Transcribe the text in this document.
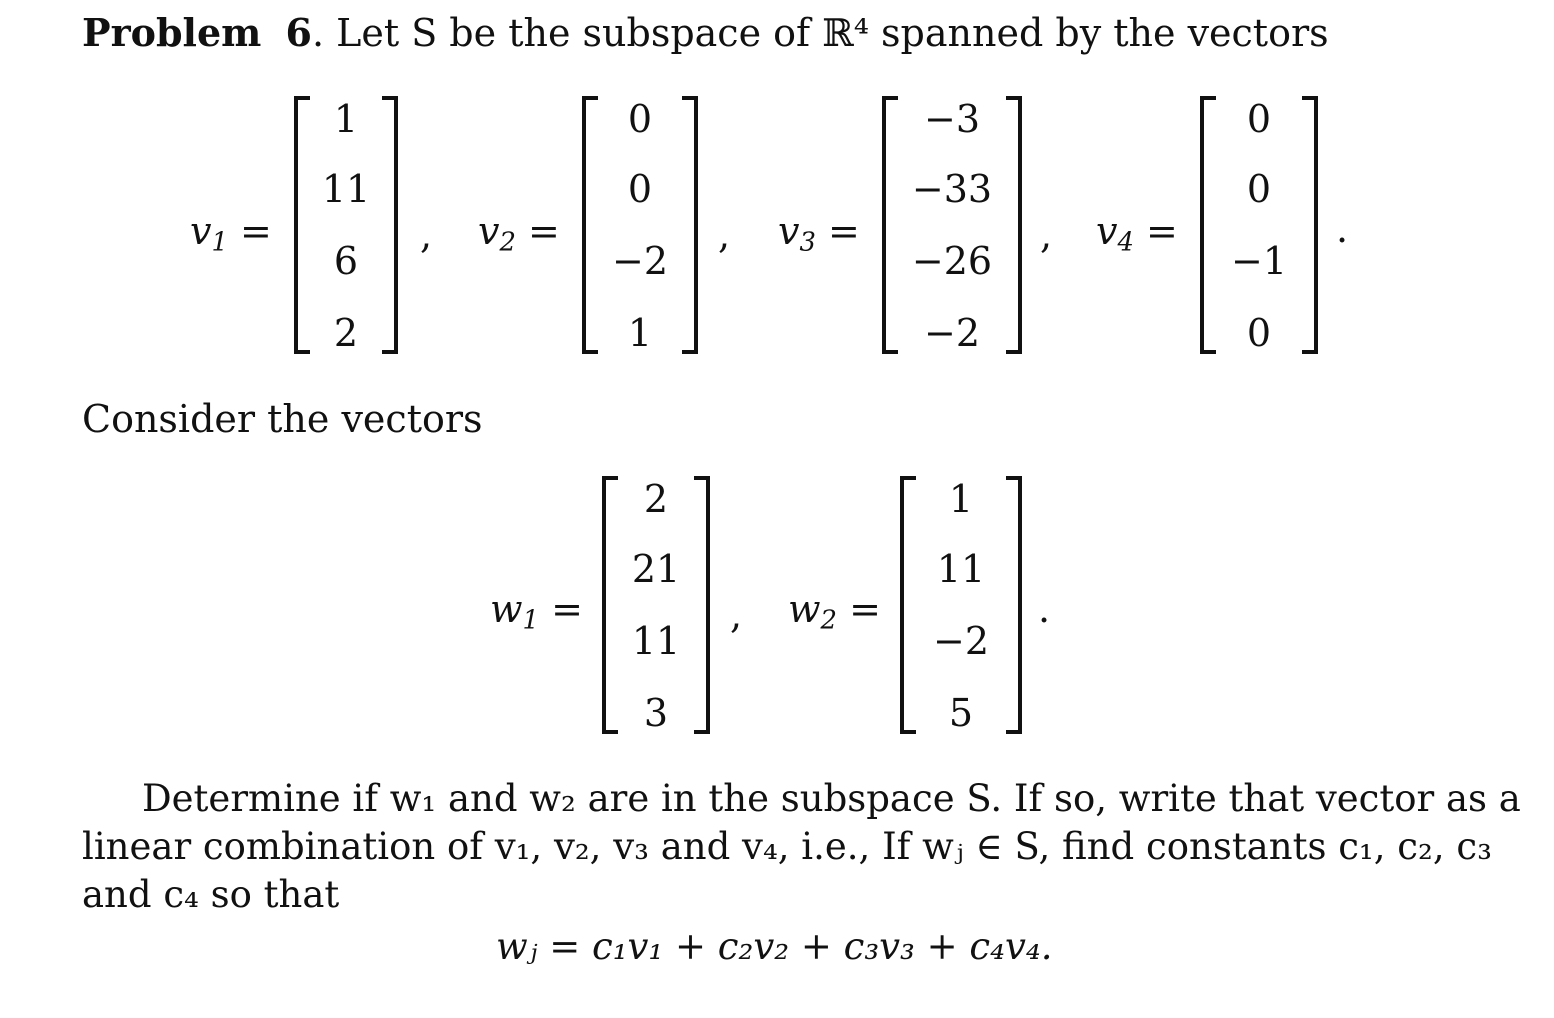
Problem 6. Let S be the subspace of ℝ⁴ spanned by the vectors
$v_1$ =
1
11
6
2
, $v_2$ =
0
0
−2
1
, $v_3$ =
−3
−33
−26
−2
, $v_4$ =
0
0
−1
0
.
Consider the vectors
$w_1$ =
2
21
11
3
, $w_2$ =
1
11
−2
5
.
Determine if w₁ and w₂ are in the subspace S. If so, write that vector as a
linear combination of v₁, v₂, v₃ and v₄, i.e., If wⱼ ∈ S, find constants c₁, c₂, c₃
and c₄ so that
wⱼ = c₁v₁ + c₂v₂ + c₃v₃ + c₄v₄.
